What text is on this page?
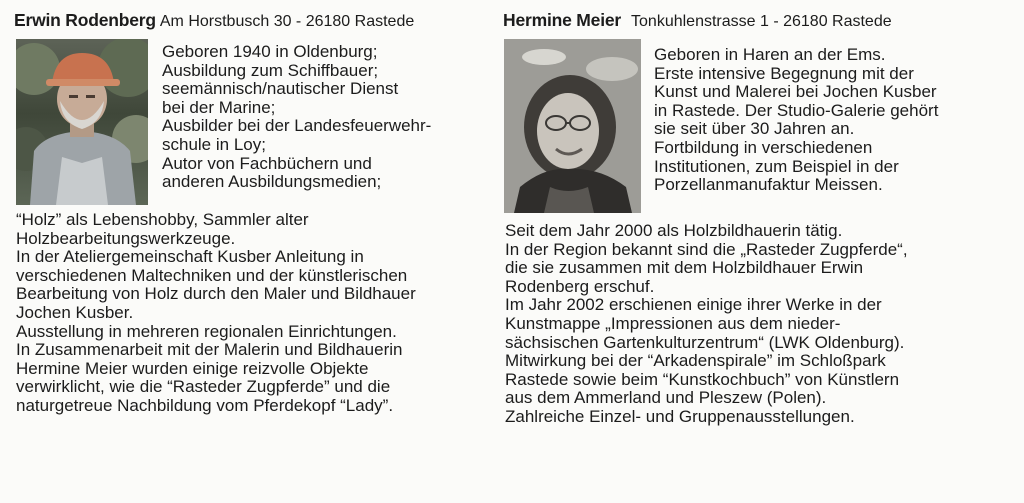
Erwin Rodenberg Am Horstbusch 30 - 26180 Rastede
Geboren 1940 in Oldenburg;
Ausbildung zum Schiffbauer;
seemännisch/nautischer Dienst
bei der Marine;
Ausbilder bei der Landesfeuerwehr-
schule in Loy;
Autor von Fachbüchern und
anderen Ausbildungsmedien;
“Holz” als Lebenshobby, Sammler alter
Holzbearbeitungswerkzeuge.
In der Ateliergemeinschaft Kusber Anleitung in
verschiedenen Maltechniken und der künstlerischen
Bearbeitung von Holz durch den Maler und Bildhauer
Jochen Kusber.
Ausstellung in mehreren regionalen Einrichtungen.
In Zusammenarbeit mit der Malerin und Bildhauerin
Hermine Meier wurden einige reizvolle Objekte
verwirklicht, wie die “Rasteder Zugpferde” und die
naturgetreue Nachbildung vom Pferdekopf “Lady”.
Hermine Meier Tonkuhlenstrasse 1 - 26180 Rastede
Geboren in Haren an der Ems.
Erste intensive Begegnung mit der
Kunst und Malerei bei Jochen Kusber
in Rastede. Der Studio-Galerie gehört
sie seit über 30 Jahren an.
Fortbildung in verschiedenen
Institutionen, zum Beispiel in der
Porzellanmanufaktur Meissen.
Seit dem Jahr 2000 als Holzbildhauerin tätig.
In der Region bekannt sind die „Rasteder Zugpferde“,
die sie zusammen mit dem Holzbildhauer Erwin
Rodenberg erschuf.
Im Jahr 2002 erschienen einige ihrer Werke in der
Kunstmappe „Impressionen aus dem nieder-
sächsischen Gartenkulturzentrum“ (LWK Oldenburg).
Mitwirkung bei der “Arkadenspirale” im Schloßpark
Rastede sowie beim “Kunstkochbuch” von Künstlern
aus dem Ammerland und Pleszew (Polen).
Zahlreiche Einzel- und Gruppenausstellungen.
